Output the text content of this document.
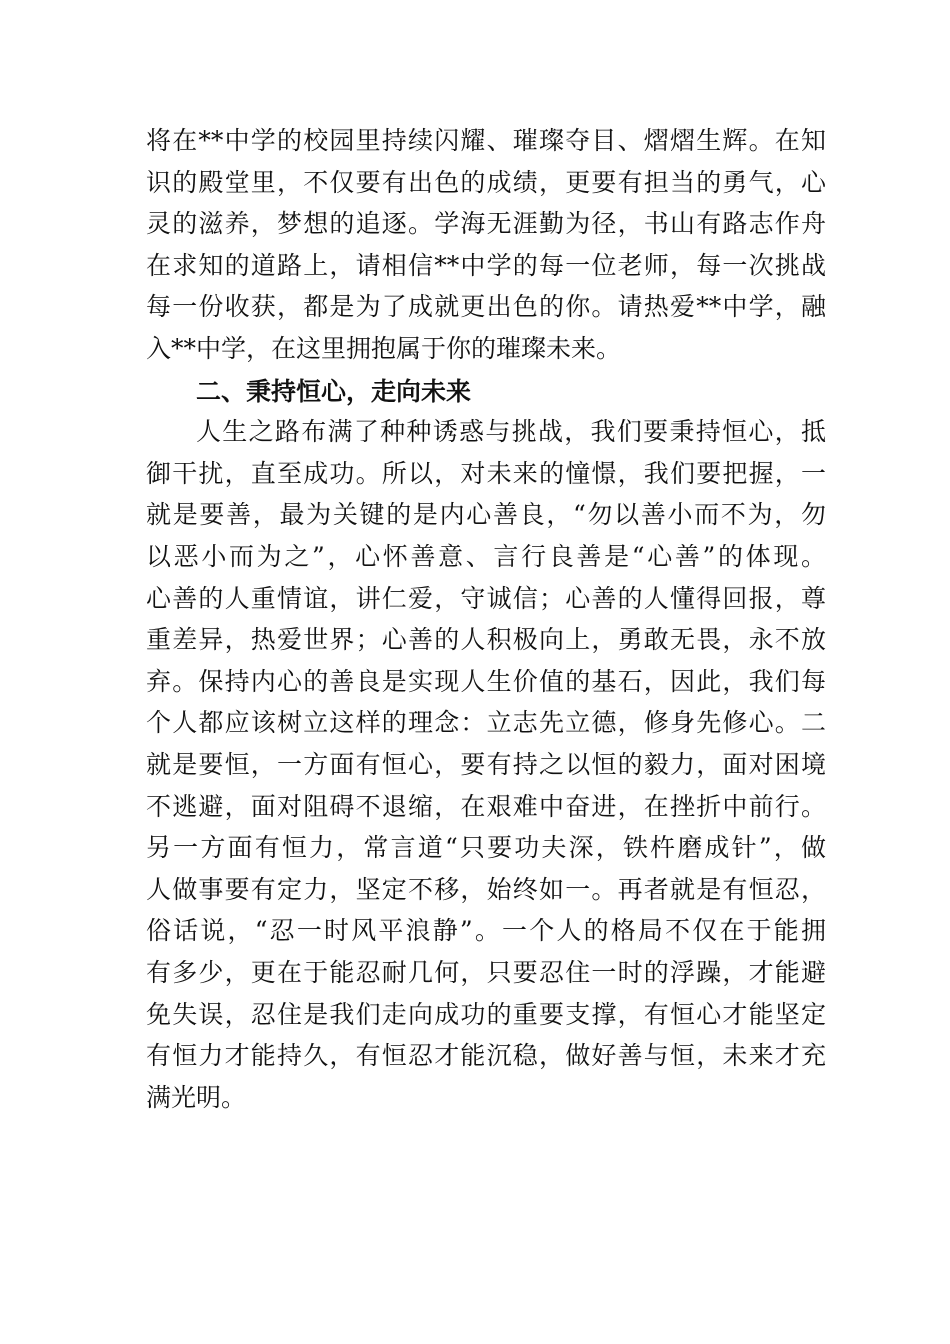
将在**中学的校园里持续闪耀、璀璨夺目、熠熠生辉。在知
识的殿堂里，不仅要有出色的成绩，更要有担当的勇气，心
灵的滋养，梦想的追逐。学海无涯勤为径，书山有路志作舟
在求知的道路上，请相信**中学的每一位老师，每一次挑战
每一份收获，都是为了成就更出色的你。请热爱**中学，融
入**中学，在这里拥抱属于你的璀璨未来。
二、秉持恒心，走向未来
人生之路布满了种种诱惑与挑战，我们要秉持恒心，抵
御干扰，直至成功。所以，对未来的憧憬，我们要把握，一
就是要善，最为关键的是内心善良，“勿以善小而不为，勿
以恶小而为之”，心怀善意、言行良善是“心善”的体现。
心善的人重情谊，讲仁爱，守诚信；心善的人懂得回报，尊
重差异，热爱世界；心善的人积极向上，勇敢无畏，永不放
弃。保持内心的善良是实现人生价值的基石，因此，我们每
个人都应该树立这样的理念：立志先立德，修身先修心。二
就是要恒，一方面有恒心，要有持之以恒的毅力，面对困境
不逃避，面对阻碍不退缩，在艰难中奋进，在挫折中前行。
另一方面有恒力，常言道“只要功夫深，铁杵磨成针”，做
人做事要有定力，坚定不移，始终如一。再者就是有恒忍，
俗话说，“忍一时风平浪静”。一个人的格局不仅在于能拥
有多少，更在于能忍耐几何，只要忍住一时的浮躁，才能避
免失误，忍住是我们走向成功的重要支撑，有恒心才能坚定
有恒力才能持久，有恒忍才能沉稳，做好善与恒，未来才充
满光明。
